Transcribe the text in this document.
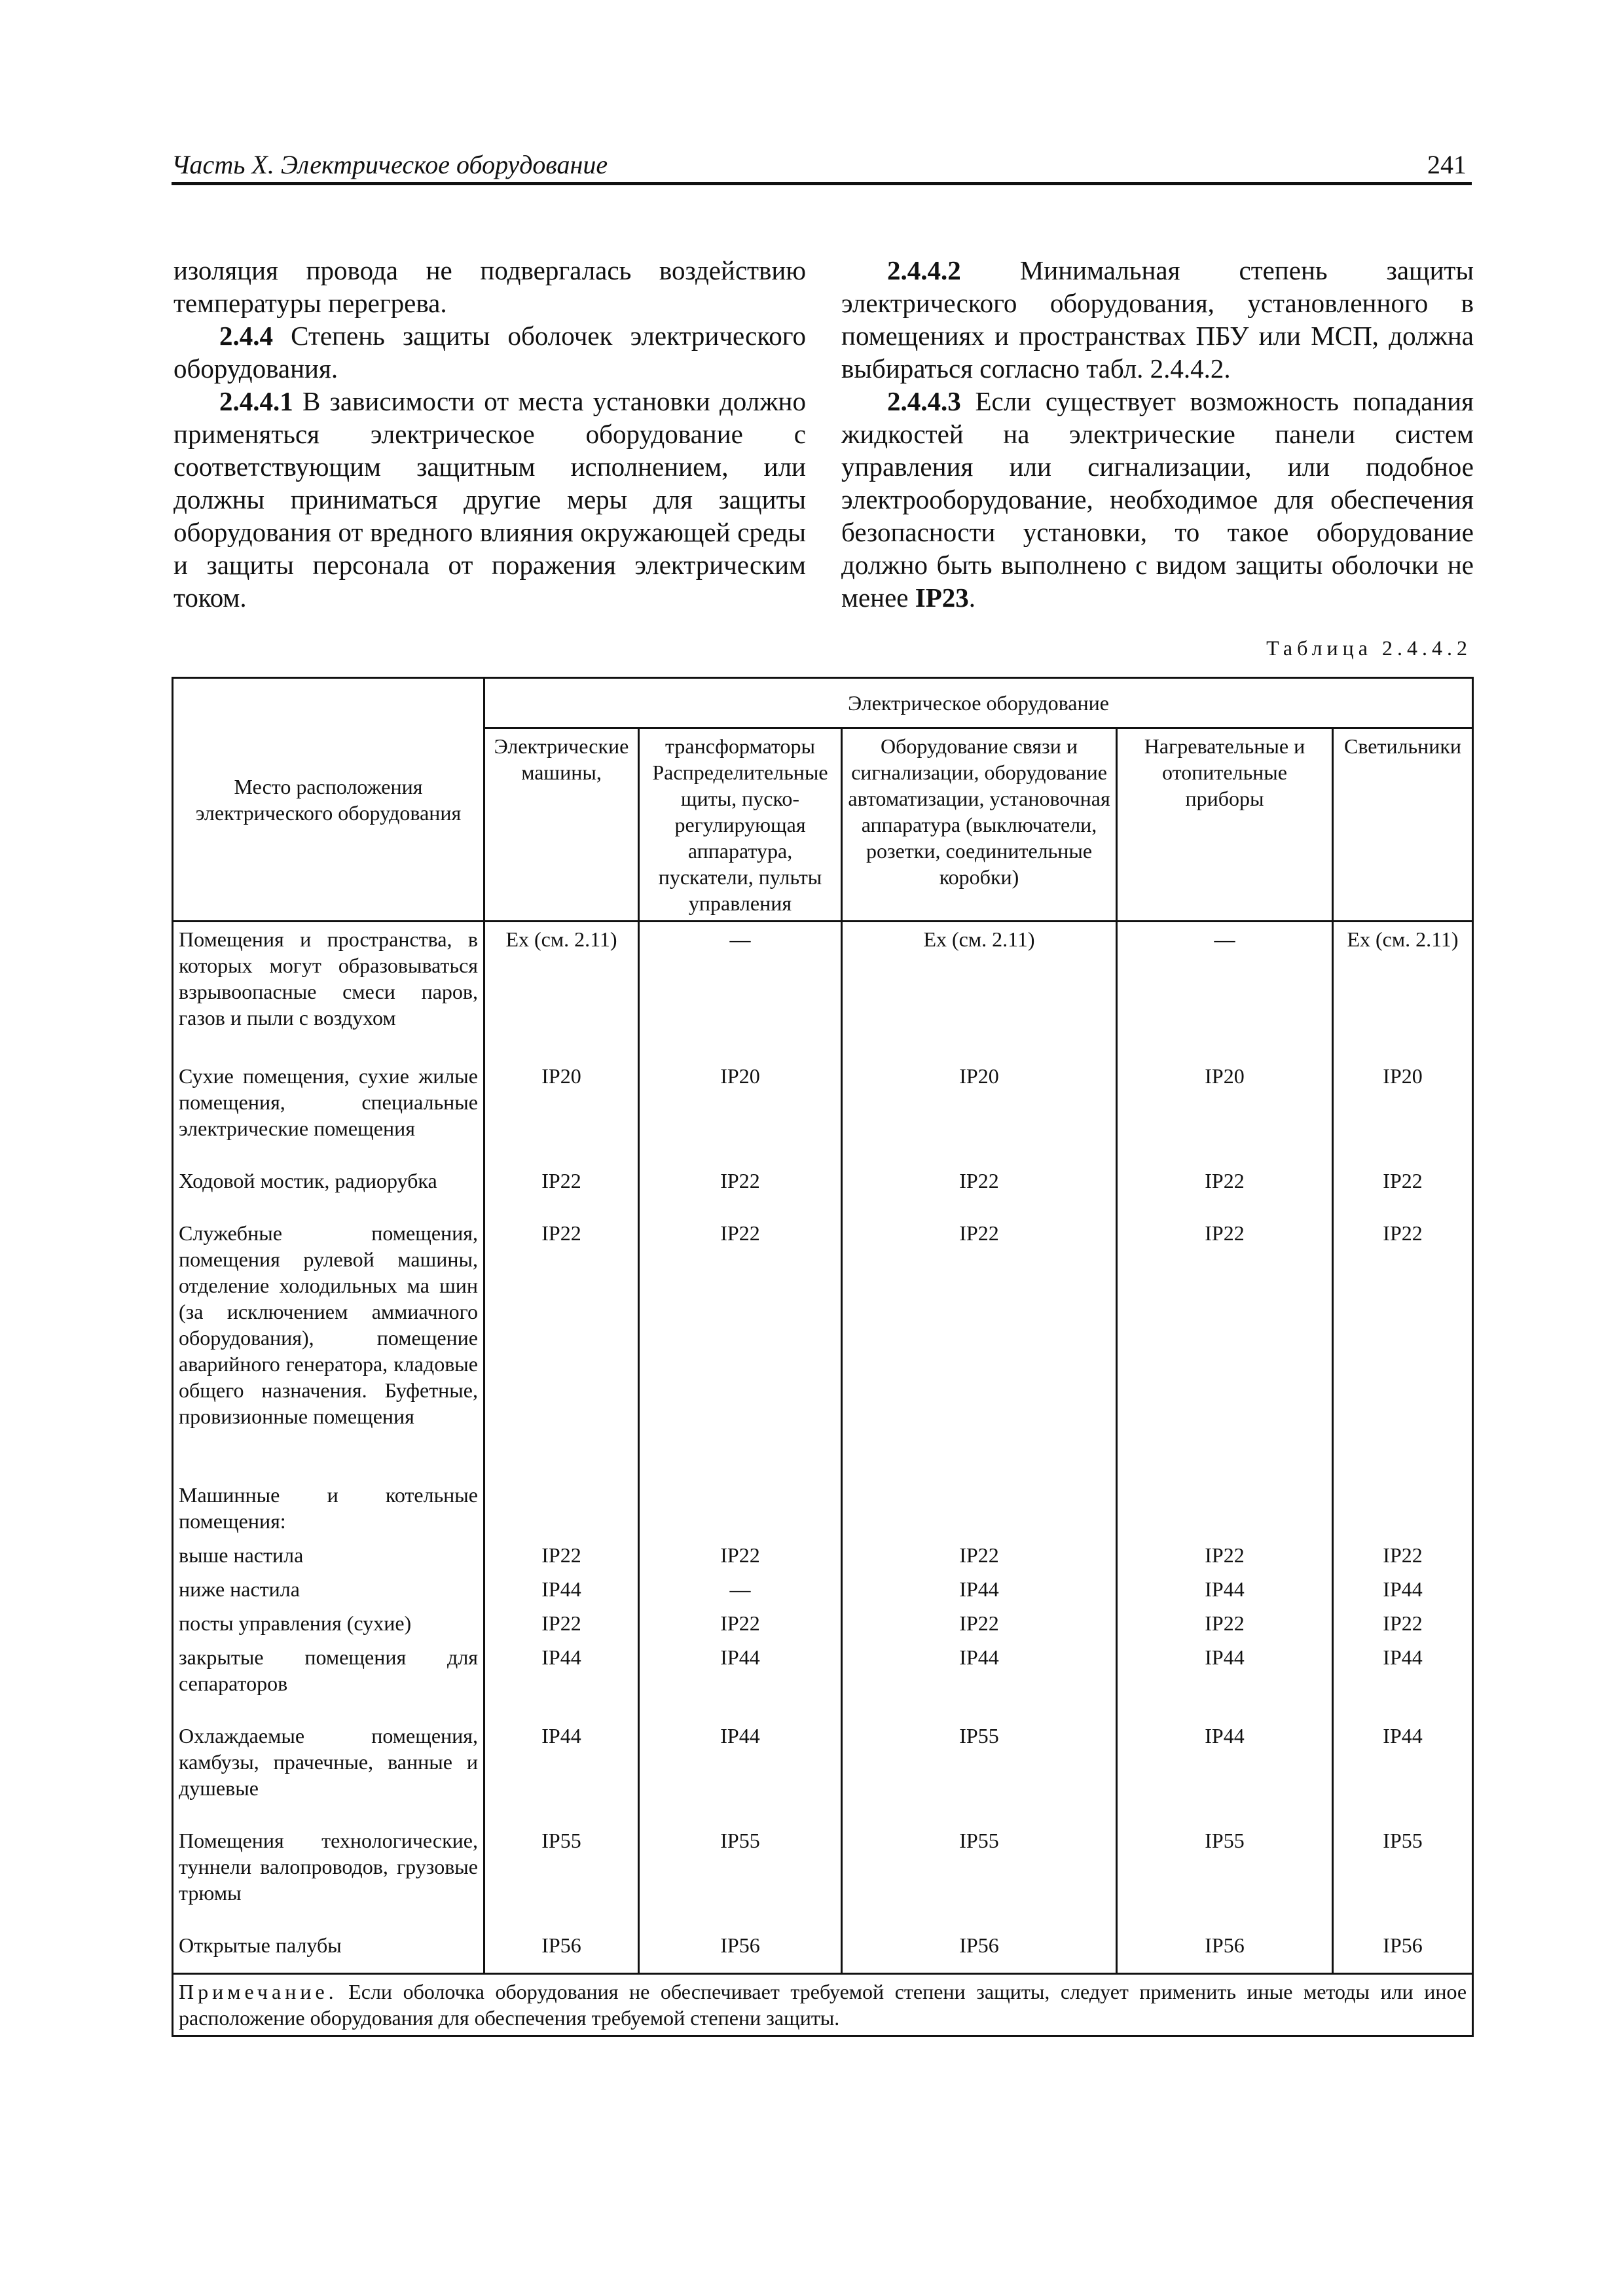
Часть X. Электрическое оборудование	241

изоляция провода не подвергалась воздействию температуры перегрева.

2.4.4 Степень защиты оболочек электрического оборудования.

2.4.4.1 В зависимости от места установки должно применяться электрическое оборудование с соответствующим защитным исполнением, или должны приниматься другие меры для защиты оборудования от вредного влияния окружающей среды и защиты персонала от поражения электрическим током.

2.4.4.2 Минимальная степень защиты электрического оборудования, установленного в помещениях и пространствах ПБУ или МСП, должна выбираться согласно табл. 2.4.4.2.

2.4.4.3 Если существует возможность попадания жидкостей на электрические панели систем управления или сигнализации, или подобное электрооборудование, необходимое для обеспечения безопасности установки, то такое оборудование должно быть выполнено с видом защиты оболочки не менее IP23.

Таблица 2.4.4.2
Место расположения электрического оборудования	Электрическое оборудование				
	Электрические машины,	трансформаторы Распределительные щиты, пуско-регулирующая аппаратура, пускатели, пульты управления	Оборудование связи и сигнализации, оборудование автоматизации, установочная аппаратура (выключатели, розетки, соединительные коробки)	Нагревательные и отопительные приборы	Светильники
Помещения и пространства, в которых могут образовываться взрывоопасные смеси паров, газов и пыли с воздухом	Ex (см. 2.11)	—	Ex (см. 2.11)	—	Ex (см. 2.11)
Сухие помещения, сухие жилые помещения, специальные электрические помещения	IP20	IP20	IP20	IP20	IP20
Ходовой мостик, радиорубка	IP22	IP22	IP22	IP22	IP22
Служебные помещения, помещения рулевой машины, отделение холодильных ма шин (за исключением аммиачного оборудования), помещение аварийного генератора, кладовые общего назначения. Буфетные, провизионные помещения	IP22	IP22	IP22	IP22	IP22
Машинные и котельные помещения:					
выше настила	IP22	IP22	IP22	IP22	IP22
ниже настила	IP44	—	IP44	IP44	IP44
посты управления (сухие)	IP22	IP22	IP22	IP22	IP22
закрытые помещения для сепараторов	IP44	IP44	IP44	IP44	IP44
Охлаждаемые помещения, камбузы, прачечные, ванные и душевые	IP44	IP44	IP55	IP44	IP44
Помещения технологические, туннели валопроводов, грузовые трюмы	IP55	IP55	IP55	IP55	IP55
Открытые палубы	IP56	IP56	IP56	IP56	IP56
Примечание. Если оболочка оборудования не обеспечивает требуемой степени защиты, следует применить иные методы или иное расположение оборудования для обеспечения требуемой степени защиты.					
